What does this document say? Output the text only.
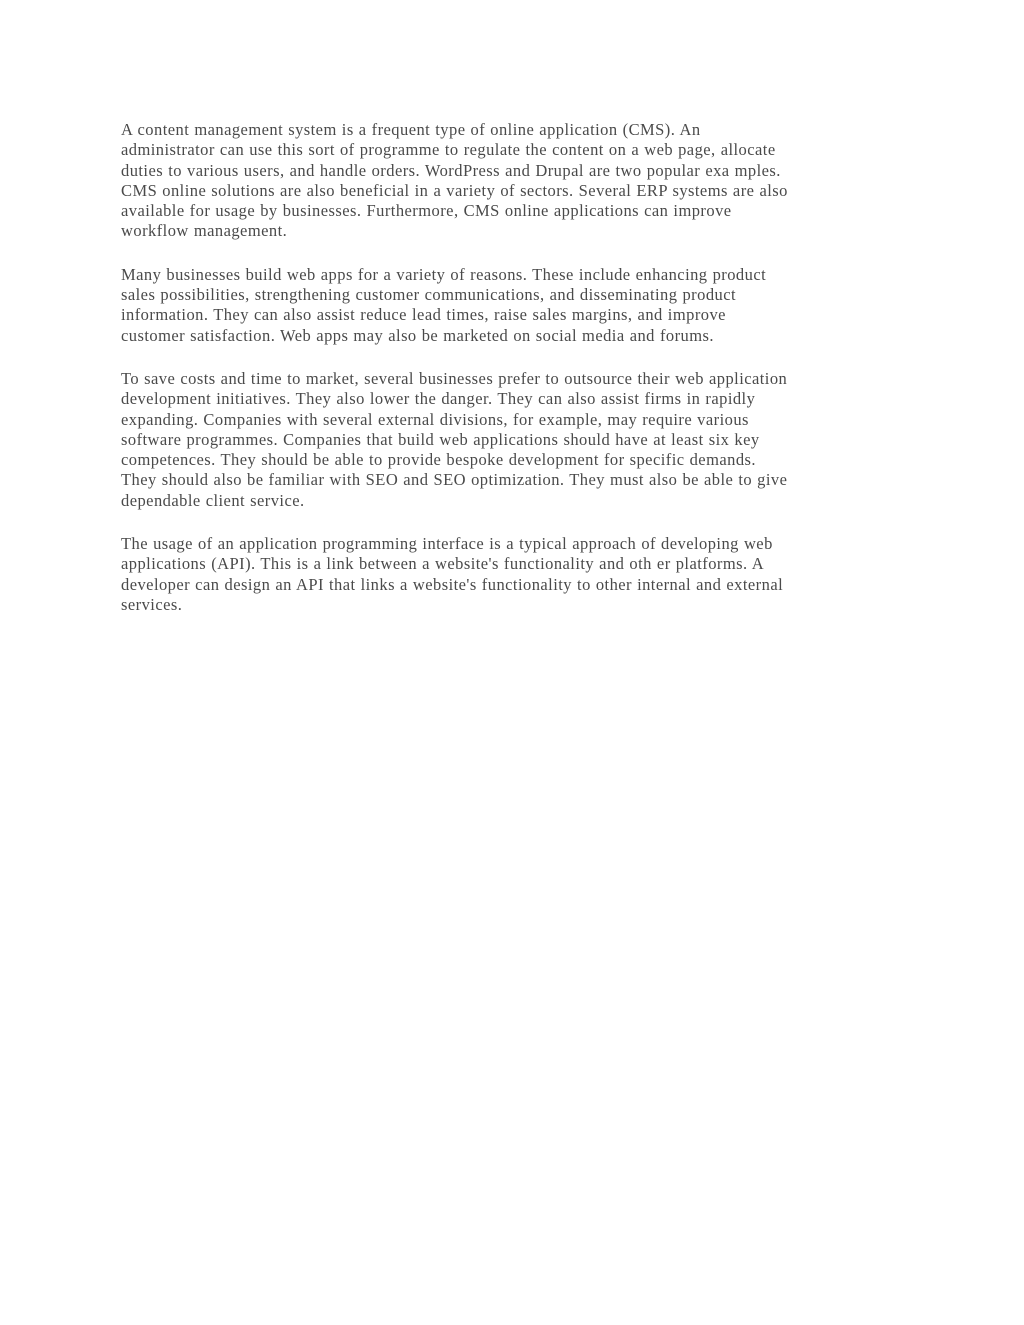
A content management system is a frequent type of online application (CMS). An
administrator can use this sort of programme to regulate the content on a web page, allocate
duties to various users, and handle orders. WordPress and Drupal are two popular exa mples.
CMS online solutions are also beneficial in a variety of sectors. Several ERP systems are also
available for usage by businesses. Furthermore, CMS online applications can improve
workflow management.

Many businesses build web apps for a variety of reasons. These include enhancing product
sales possibilities, strengthening customer communications, and disseminating product
information. They can also assist reduce lead times, raise sales margins, and improve
customer satisfaction. Web apps may also be marketed on social media and forums.

To save costs and time to market, several businesses prefer to outsource their web application
development initiatives. They also lower the danger. They can also assist firms in rapidly
expanding. Companies with several external divisions, for example, may require various
software programmes. Companies that build web applications should have at least six key
competences. They should be able to provide bespoke development for specific demands.
They should also be familiar with SEO and SEO optimization. They must also be able to give
dependable client service.

The usage of an application programming interface is a typical approach of developing web
applications (API). This is a link between a website's functionality and oth er platforms. A
developer can design an API that links a website's functionality to other internal and external
services.
